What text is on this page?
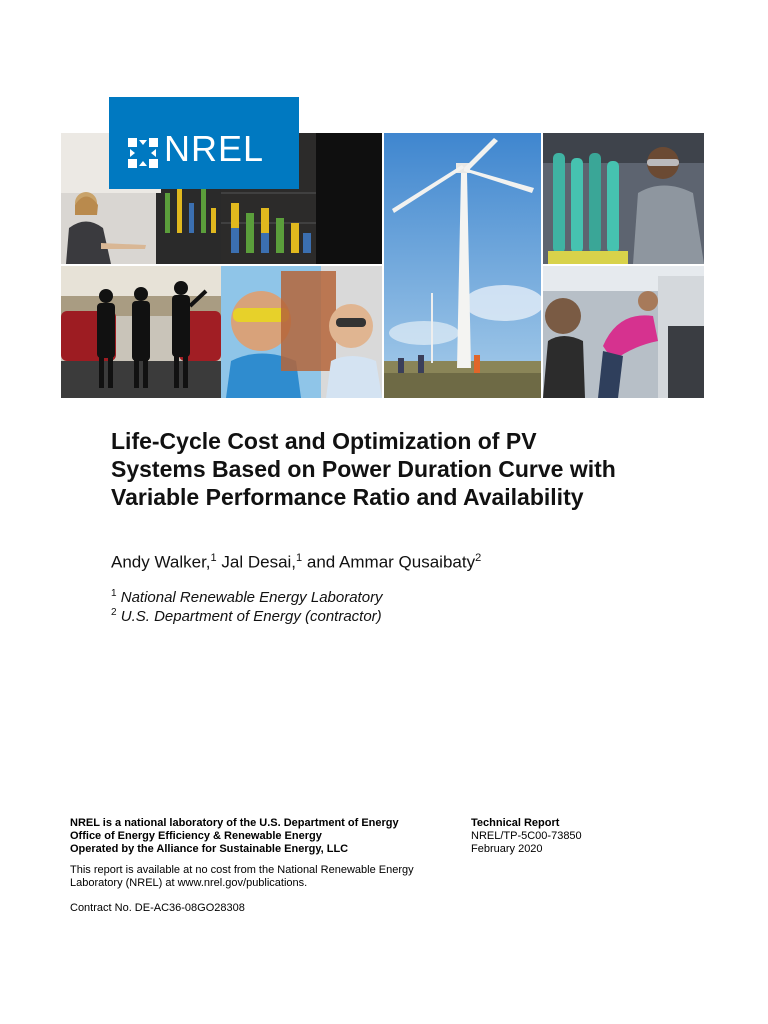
NREL
Life-Cycle Cost and Optimization of PV Systems Based on Power Duration Curve with Variable Performance Ratio and Availability
Andy Walker,$^1$ Jal Desai,$^1$ and Ammar Qusaibaty$^2$
$^1$ National Renewable Energy Laboratory
$^2$ U.S. Department of Energy (contractor)
NREL is a national laboratory of the U.S. Department of Energy
Office of Energy Efficiency & Renewable Energy
Operated by the Alliance for Sustainable Energy, LLC
This report is available at no cost from the National Renewable Energy Laboratory (NREL) at www.nrel.gov/publications.
Contract No. DE-AC36-08GO28308
Technical Report
NREL/TP-5C00-73850
February 2020
